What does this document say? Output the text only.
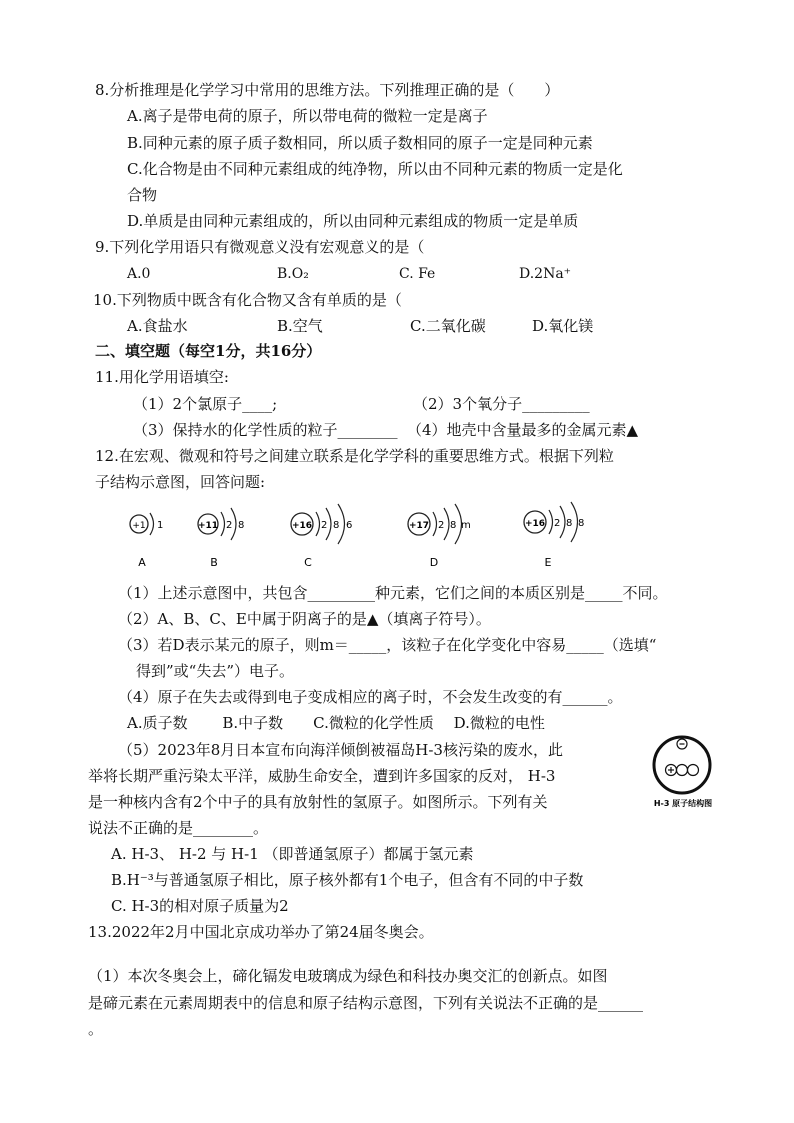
8.分析推理是化学学习中常用的思维方法。下列推理正确的是（　　）
A.离子是带电荷的原子，所以带电荷的微粒一定是离子
B.同种元素的原子质子数相同，所以质子数相同的原子一定是同种元素
C.化合物是由不同种元素组成的纯净物，所以由不同种元素的物质一定是化
合物
D.单质是由同种元素组成的，所以由同种元素组成的物质一定是单质
9.下列化学用语只有微观意义没有宏观意义的是（
A.0	B.O₂	C. Fe	D.2Na⁺
10.下列物质中既含有化合物又含有单质的是（
A.食盐水	B.空气	C.二氧化碳	D.氧化镁
二、填空题（每空1分，共16分）
11.用化学用语填空:
（1）2个氯原子____;	（2）3个氧分子_________
（3）保持水的化学性质的粒子________ （4）地壳中含量最多的金属元素▲
12.在宏观、微观和符号之间建立联系是化学学科的重要思维方式。根据下列粒
子结构示意图，回答问题:
+1 1
A
+11 2 8
B
+16 2 8 6
C
+17 2 8 m
D
+16 2 8 8
E
（1）上述示意图中，共包含_________种元素，它们之间的本质区别是_____不同。
（2）A、B、C、E中属于阴离子的是▲（填离子符号）。
（3）若D表示某元的原子，则m＝_____，该粒子在化学变化中容易_____（选填“
得到”或“失去”）电子。
（4）原子在失去或得到电子变成相应的离子时，不会发生改变的有______。
A.质子数　　 B.中子数　　C.微粒的化学性质　 D.微粒的电性
（5）2023年8月日本宣布向海洋倾倒被福岛H-3核污染的废水，此
举将长期严重污染太平洋，威胁生命安全，遭到许多国家的反对， H-3
是一种核内含有2个中子的具有放射性的氢原子。如图所示。下列有关
说法不正确的是________。
H-3 原子结构图
A. H-3、 H-2 与 H-1 （即普通氢原子）都属于氢元素
B.H⁻³与普通氢原子相比，原子核外都有1个电子，但含有不同的中子数
C. H-3的相对原子质量为2
13.2022年2月中国北京成功举办了第24届冬奥会。
（1）本次冬奥会上，碲化镉发电玻璃成为绿色和科技办奥交汇的创新点。如图
是碲元素在元素周期表中的信息和原子结构示意图，下列有关说法不正确的是______
。
